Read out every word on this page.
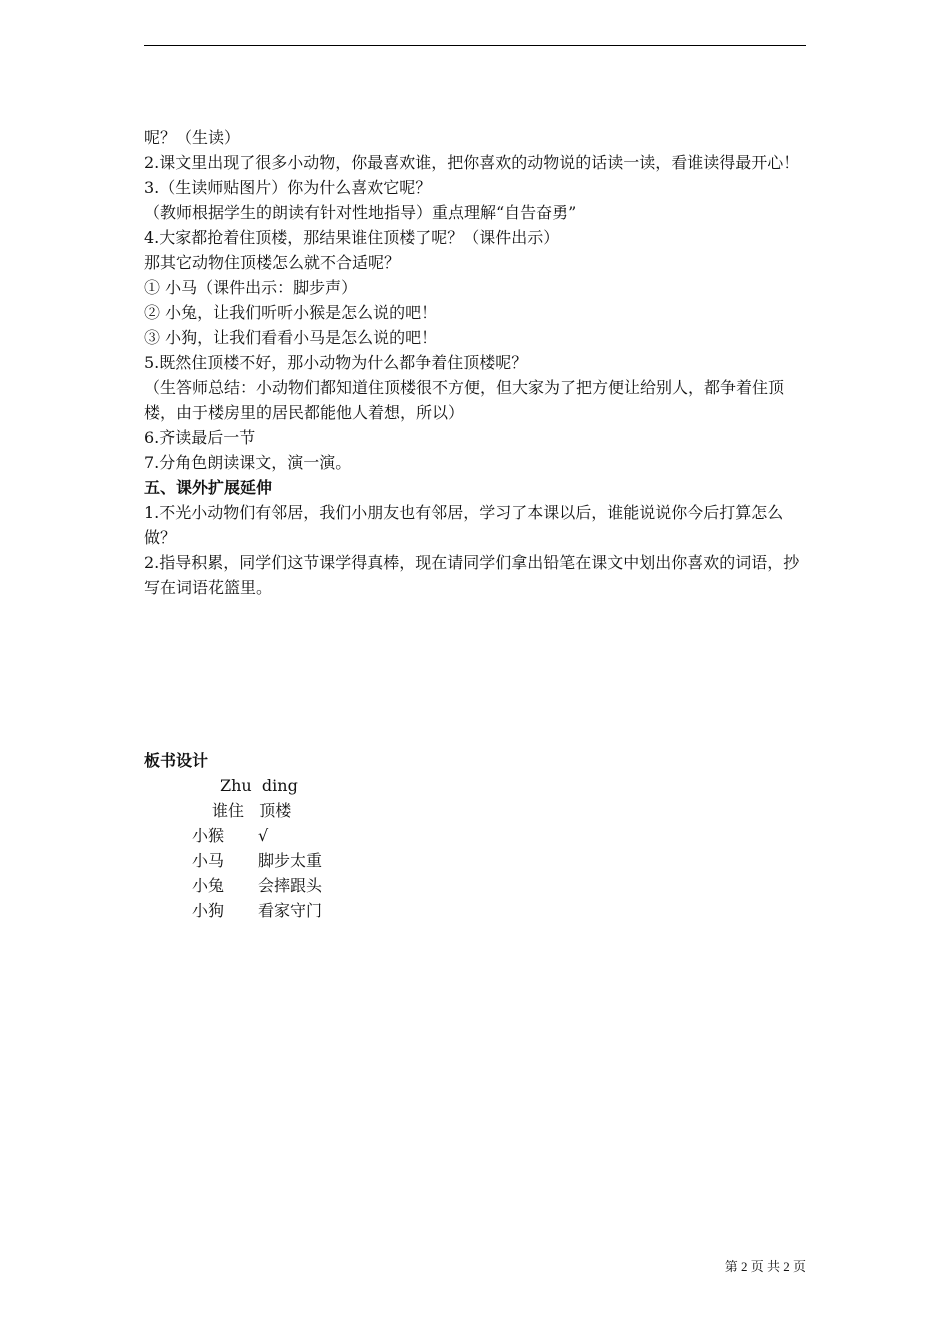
呢？（生读）
2.课文里出现了很多小动物，你最喜欢谁，把你喜欢的动物说的话读一读，看谁读得最开心！
3.（生读师贴图片）你为什么喜欢它呢？
（教师根据学生的朗读有针对性地指导）重点理解“自告奋勇”
4.大家都抢着住顶楼，那结果谁住顶楼了呢？（课件出示）
那其它动物住顶楼怎么就不合适呢？
① 小马（课件出示：脚步声）
② 小兔，让我们听听小猴是怎么说的吧！
③ 小狗，让我们看看小马是怎么说的吧！
5.既然住顶楼不好，那小动物为什么都争着住顶楼呢？
（生答师总结：小动物们都知道住顶楼很不方便，但大家为了把方便让给别人，都争着住顶楼，由于楼房里的居民都能他人着想，所以）
6.齐读最后一节
7.分角色朗读课文，演一演。
五、课外扩展延伸
1.不光小动物们有邻居，我们小朋友也有邻居，学习了本课以后，谁能说说你今后打算怎么做？
2.指导积累，同学们这节课学得真棒，现在请同学们拿出铅笔在课文中划出你喜欢的词语，抄写在词语花篮里。
板书设计
Zhu  ding
谁住   顶楼
小猴 √
小马 脚步太重
小兔 会摔跟头
小狗 看家守门
第 2 页 共 2 页
